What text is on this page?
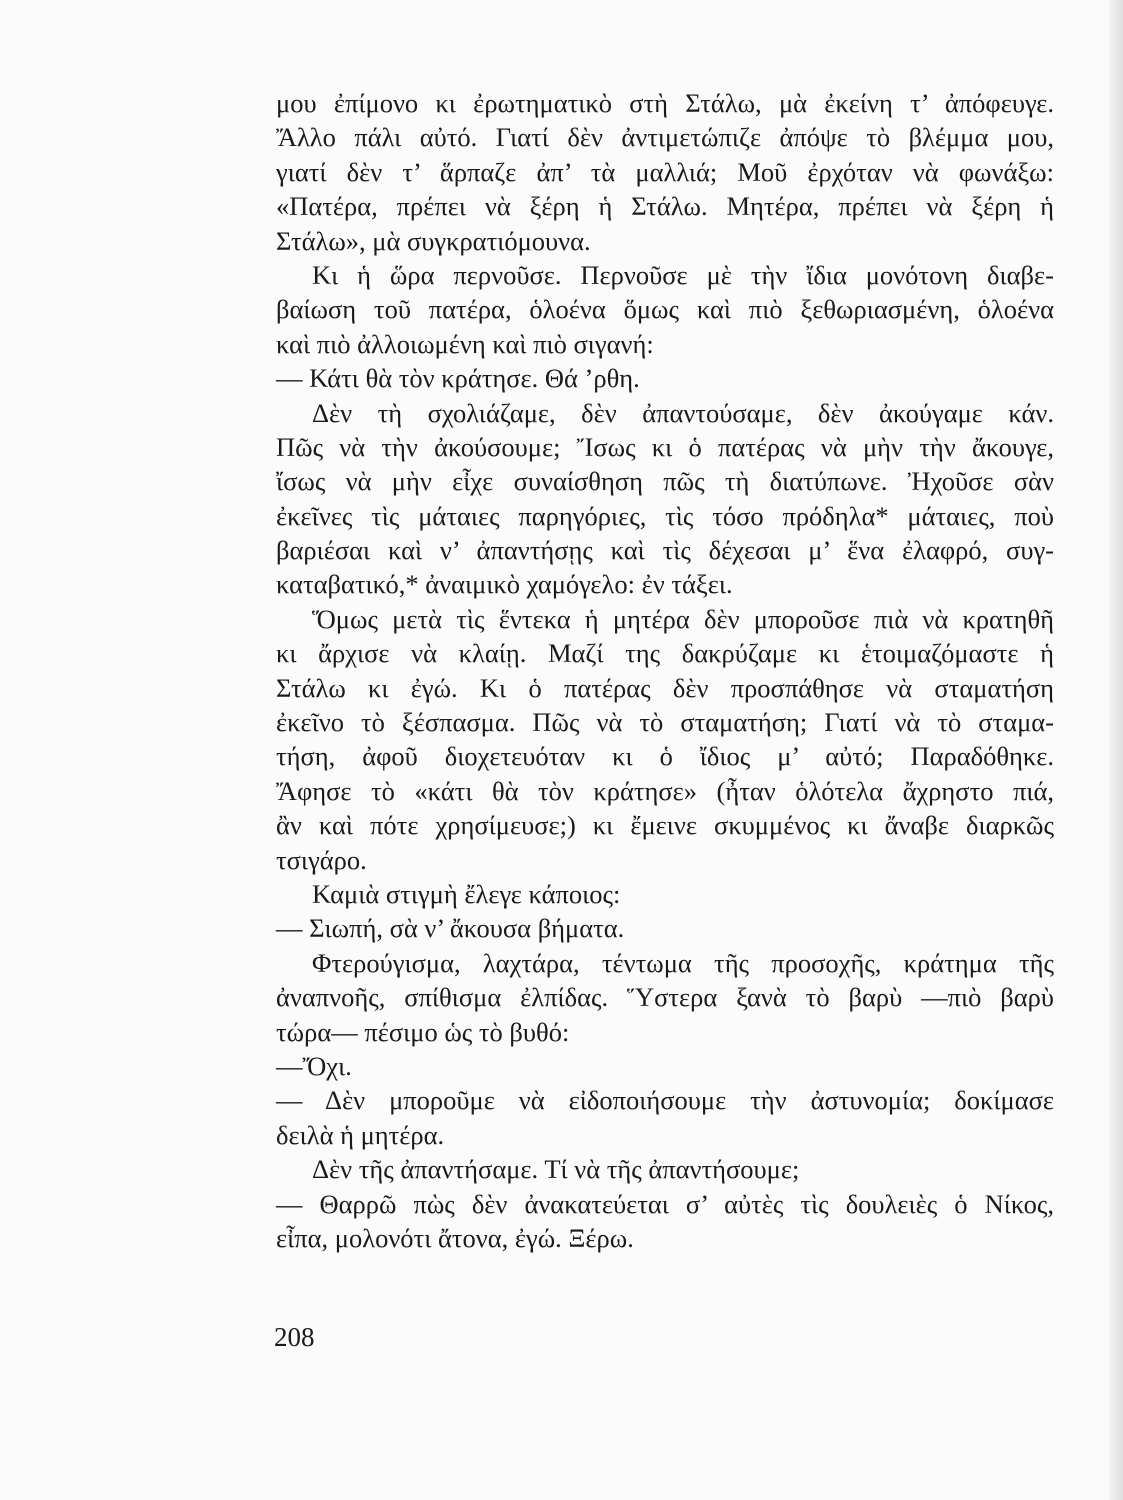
μου ἐπίμονο κι ἐρωτηματικὸ στὴ Στάλω, μὰ ἐκείνη τ’ ἀπόφευγε.
Ἄλλο πάλι αὐτό. Γιατί δὲν ἀντιμετώπιζε ἀπόψε τὸ βλέμμα μου,
γιατί δὲν τ’ ἅρπαζε ἀπ’ τὰ μαλλιά; Μοῦ ἐρχόταν νὰ φωνάξω:
«Πατέρα, πρέπει νὰ ξέρη ἡ Στάλω. Μητέρα, πρέπει νὰ ξέρη ἡ
Στάλω», μὰ συγκρατιόμουνα.
Κι ἡ ὥρα περνοῦσε. Περνοῦσε μὲ τὴν ἴδια μονότονη διαβε-
βαίωση τοῦ πατέρα, ὁλοένα ὅμως καὶ πιὸ ξεθωριασμένη, ὁλοένα
καὶ πιὸ ἀλλοιωμένη καὶ πιὸ σιγανή:
— Κάτι θὰ τὸν κράτησε. Θά ’ρθη.
Δὲν τὴ σχολιάζαμε, δὲν ἀπαντούσαμε, δὲν ἀκούγαμε κάν.
Πῶς νὰ τὴν ἀκούσουμε; Ἴσως κι ὁ πατέρας νὰ μὴν τὴν ἄκουγε,
ἴσως νὰ μὴν εἶχε συναίσθηση πῶς τὴ διατύπωνε. Ἠχοῦσε σὰν
ἐκεῖνες τὶς μάταιες παρηγόριες, τὶς τόσο πρόδηλα* μάταιες, ποὺ
βαριέσαι καὶ ν’ ἀπαντήσῃς καὶ τὶς δέχεσαι μ’ ἕνα ἐλαφρό, συγ-
καταβατικό,* ἀναιμικὸ χαμόγελο: ἐν τάξει.
Ὅμως μετὰ τὶς ἕντεκα ἡ μητέρα δὲν μποροῦσε πιὰ νὰ κρατηθῆ
κι ἄρχισε νὰ κλαίῃ. Μαζί της δακρύζαμε κι ἑτοιμαζόμαστε ἡ
Στάλω κι ἐγώ. Κι ὁ πατέρας δὲν προσπάθησε νὰ σταματήση
ἐκεῖνο τὸ ξέσπασμα. Πῶς νὰ τὸ σταματήση; Γιατί νὰ τὸ σταμα-
τήση, ἀφοῦ διοχετευόταν κι ὁ ἴδιος μ’ αὐτό; Παραδόθηκε.
Ἄφησε τὸ «κάτι θὰ τὸν κράτησε» (ἦταν ὁλότελα ἄχρηστο πιά,
ἂν καὶ πότε χρησίμευσε;) κι ἔμεινε σκυμμένος κι ἄναβε διαρκῶς
τσιγάρο.
Καμιὰ στιγμὴ ἔλεγε κάποιος:
— Σιωπή, σὰ ν’ ἄκουσα βήματα.
Φτερούγισμα, λαχτάρα, τέντωμα τῆς προσοχῆς, κράτημα τῆς
ἀναπνοῆς, σπίθισμα ἐλπίδας. Ὕστερα ξανὰ τὸ βαρὺ —πιὸ βαρὺ
τώρα— πέσιμο ὡς τὸ βυθό:
—Ὄχι.
— Δὲν μποροῦμε νὰ εἰδοποιήσουμε τὴν ἀστυνομία; δοκίμασε
δειλὰ ἡ μητέρα.
Δὲν τῆς ἀπαντήσαμε. Τί νὰ τῆς ἀπαντήσουμε;
— Θαρρῶ πὼς δὲν ἀνακατεύεται σ’ αὐτὲς τὶς δουλειὲς ὁ Νίκος,
εἶπα, μολονότι ἄτονα, ἐγώ. Ξέρω.
208
